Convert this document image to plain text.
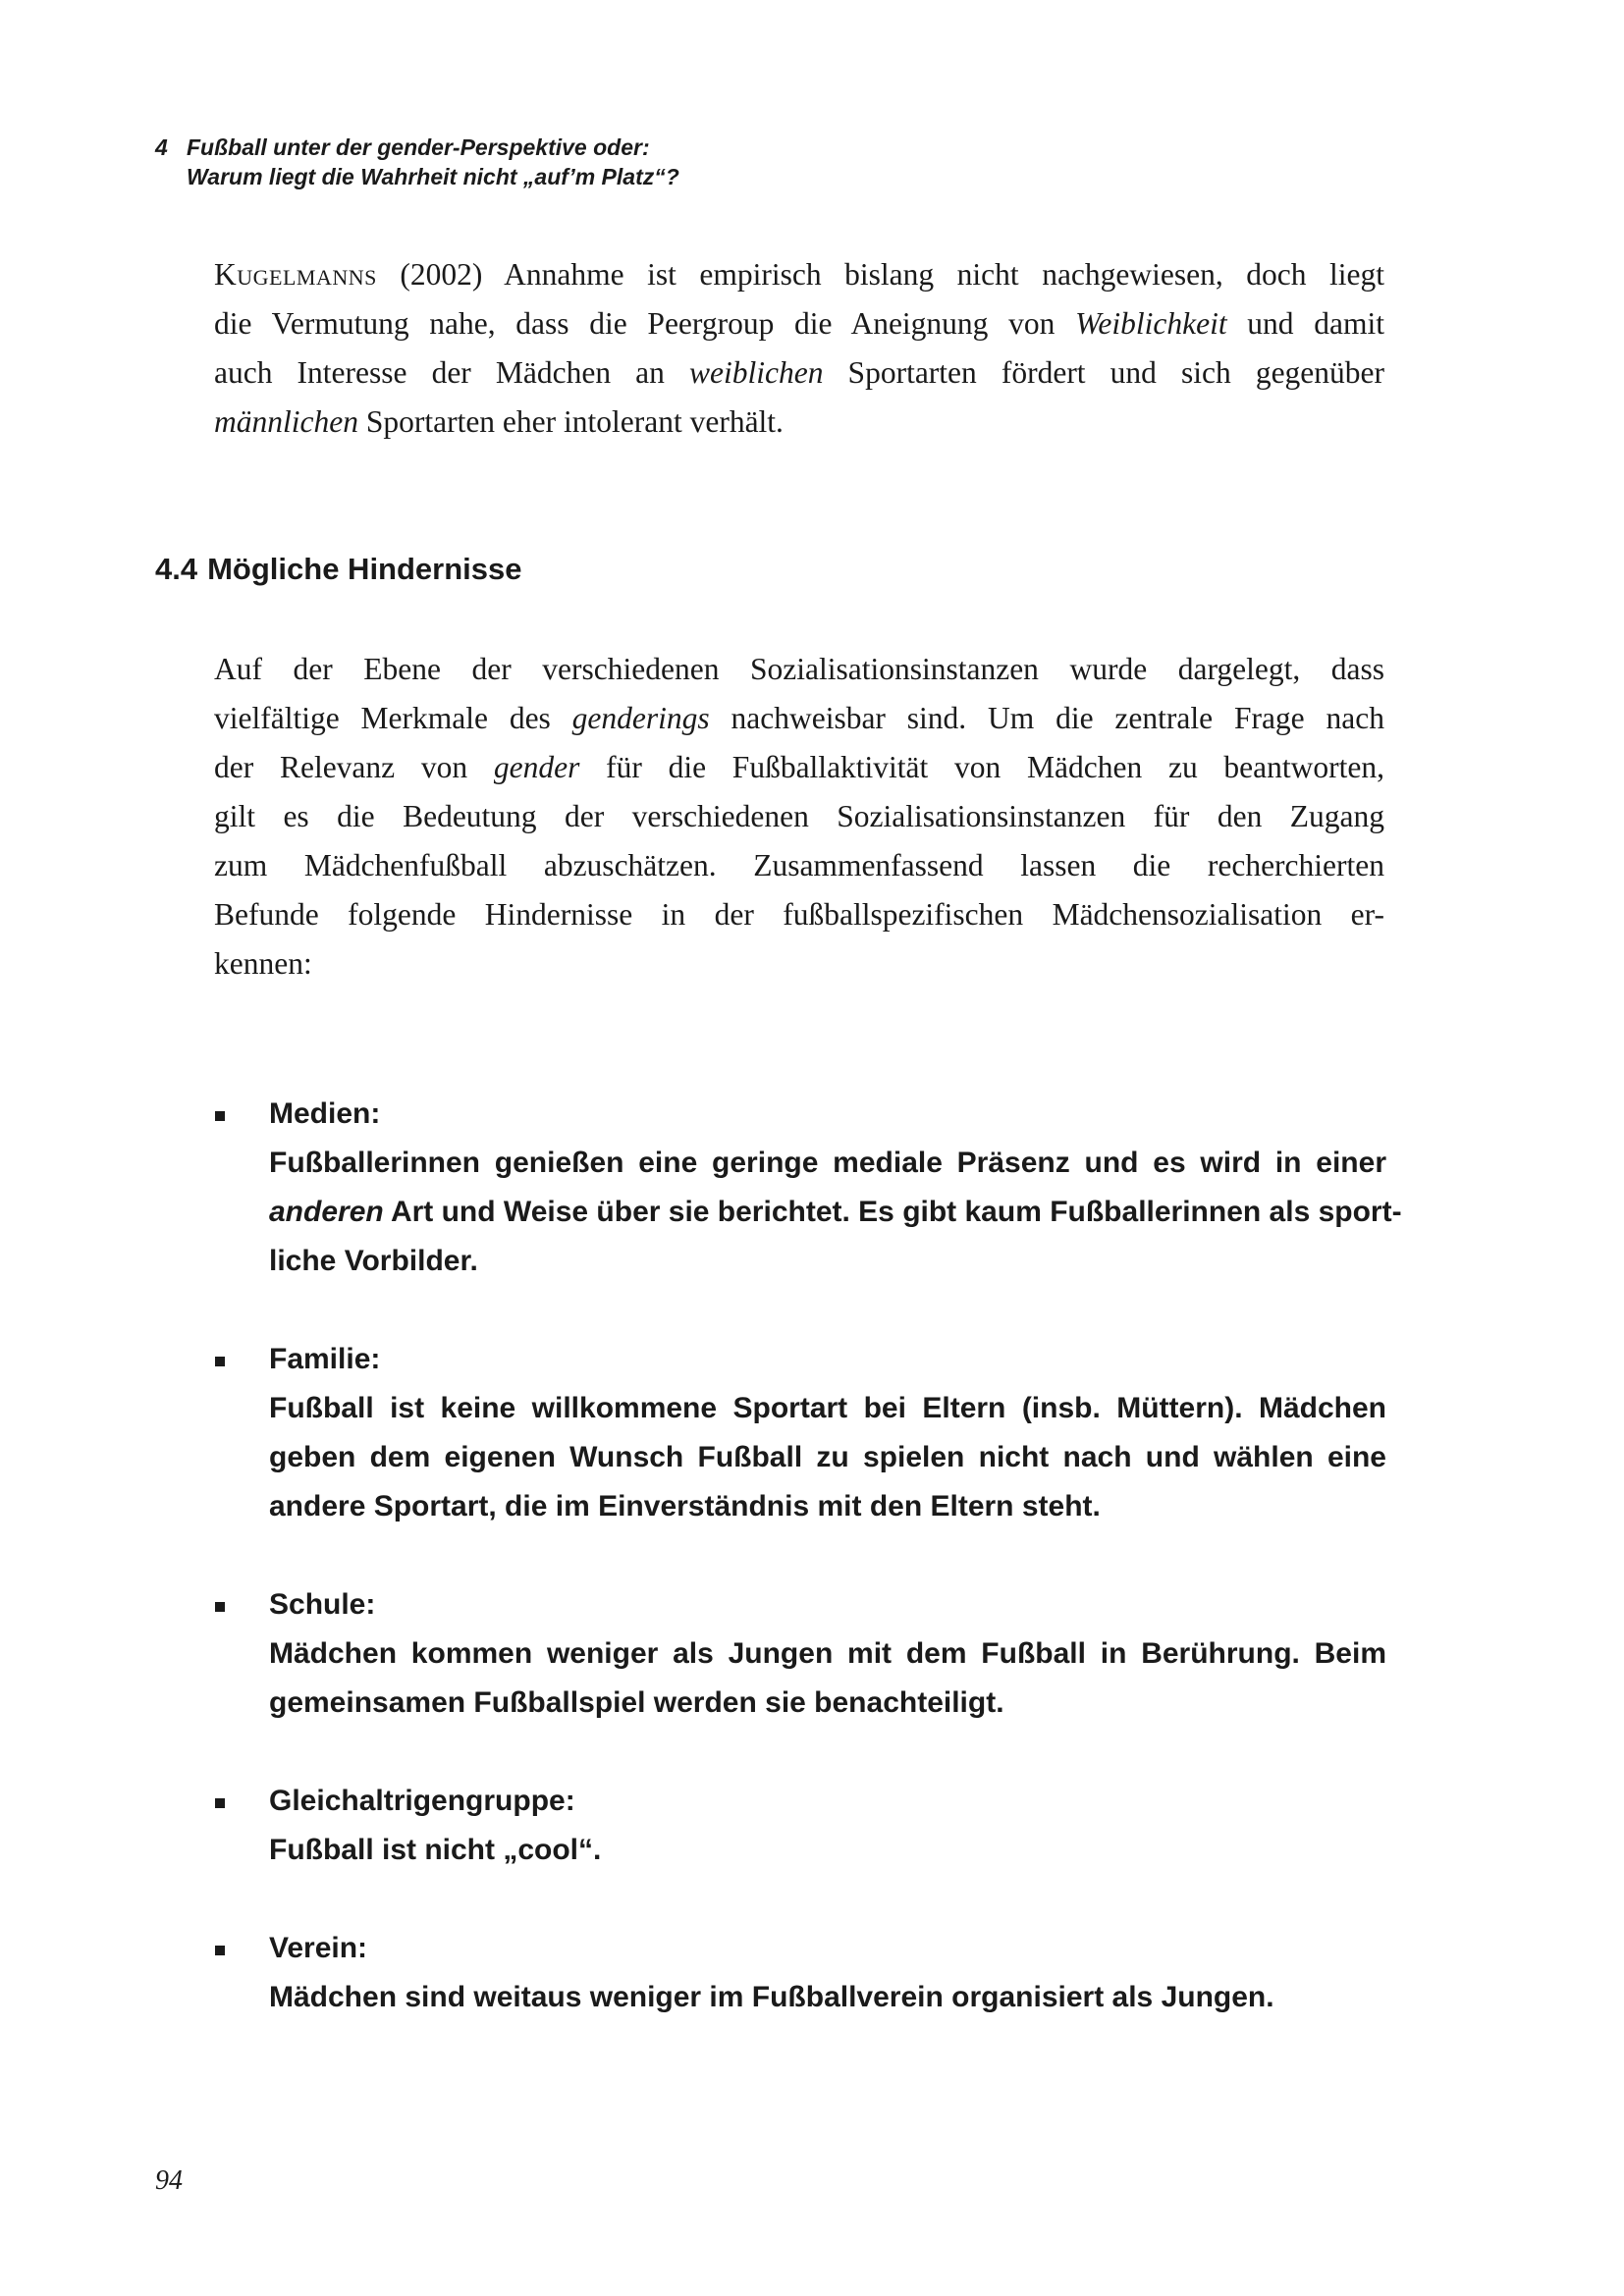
4 Fußball unter der gender-Perspektive oder:
Warum liegt die Wahrheit nicht „auf’m Platz“?
Kugelmanns (2002) Annahme ist empirisch bislang nicht nachgewiesen, doch liegt
die Vermutung nahe, dass die Peergroup die Aneignung von Weiblichkeit und damit
auch Interesse der Mädchen an weiblichen Sportarten fördert und sich gegenüber
männlichen Sportarten eher intolerant verhält.
4.4 Mögliche Hindernisse
Auf der Ebene der verschiedenen Sozialisationsinstanzen wurde dargelegt, dass
vielfältige Merkmale des genderings nachweisbar sind. Um die zentrale Frage nach
der Relevanz von gender für die Fußballaktivität von Mädchen zu beantworten,
gilt es die Bedeutung der verschiedenen Sozialisationsinstanzen für den Zugang
zum Mädchenfußball abzuschätzen. Zusammenfassend lassen die recherchierten
Befunde folgende Hindernisse in der fußballspezifischen Mädchensozialisation er-
kennen:
Medien:
Fußballerinnen genießen eine geringe mediale Präsenz und es wird in einer
anderen Art und Weise über sie berichtet. Es gibt kaum Fußballerinnen als sport-
liche Vorbilder.
Familie:
Fußball ist keine willkommene Sportart bei Eltern (insb. Müttern). Mädchen
geben dem eigenen Wunsch Fußball zu spielen nicht nach und wählen eine
andere Sportart, die im Einverständnis mit den Eltern steht.
Schule:
Mädchen kommen weniger als Jungen mit dem Fußball in Berührung. Beim
gemeinsamen Fußballspiel werden sie benachteiligt.
Gleichaltrigengruppe:
Fußball ist nicht „cool“.
Verein:
Mädchen sind weitaus weniger im Fußballverein organisiert als Jungen.
94
